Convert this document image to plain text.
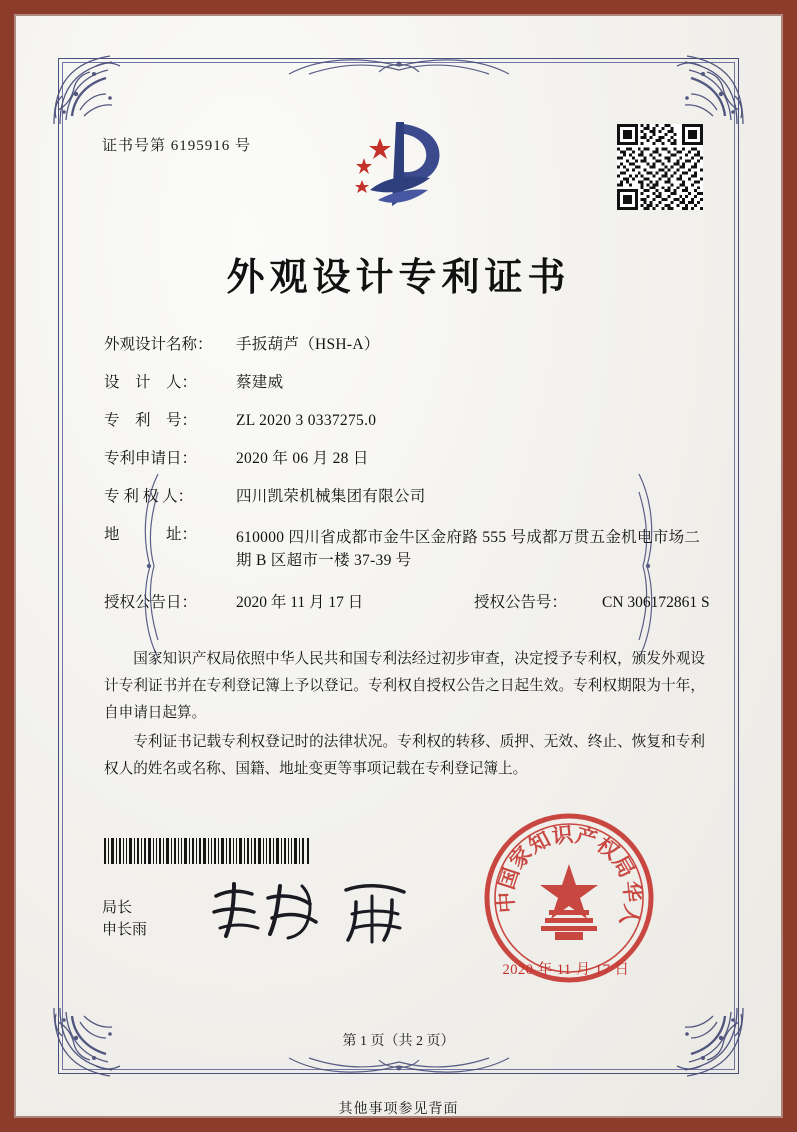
证书号第 6195916 号
外观设计专利证书
外观设计名称：	手扳葫芦（HSH-A）
设　计　人：	蔡建威
专　利　号：	ZL 2020 3 0337275.0
专利申请日：	2020 年 06 月 28 日
专 利 权 人：	四川凯荣机械集团有限公司
地　　　址：	610000 四川省成都市金牛区金府路 555 号成都万贯五金机电市场二期 B 区超市一楼 37-39 号
授权公告日：	2020 年 11 月 17 日	授权公告号：	CN 306172861 S

国家知识产权局依照中华人民共和国专利法经过初步审查，决定授予专利权，颁发外观设计专利证书并在专利登记簿上予以登记。专利权自授权公告之日起生效。专利权期限为十年，自申请日起算。

专利证书记载专利权登记时的法律状况。专利权的转移、质押、无效、终止、恢复和专利权人的姓名或名称、国籍、地址变更等事项记载在专利登记簿上。

局长
申长雨
知
识
产
权
局
家
国
中	华
人
2020 年 11 月 17 日
第 1 页（共 2 页）
其他事项参见背面
